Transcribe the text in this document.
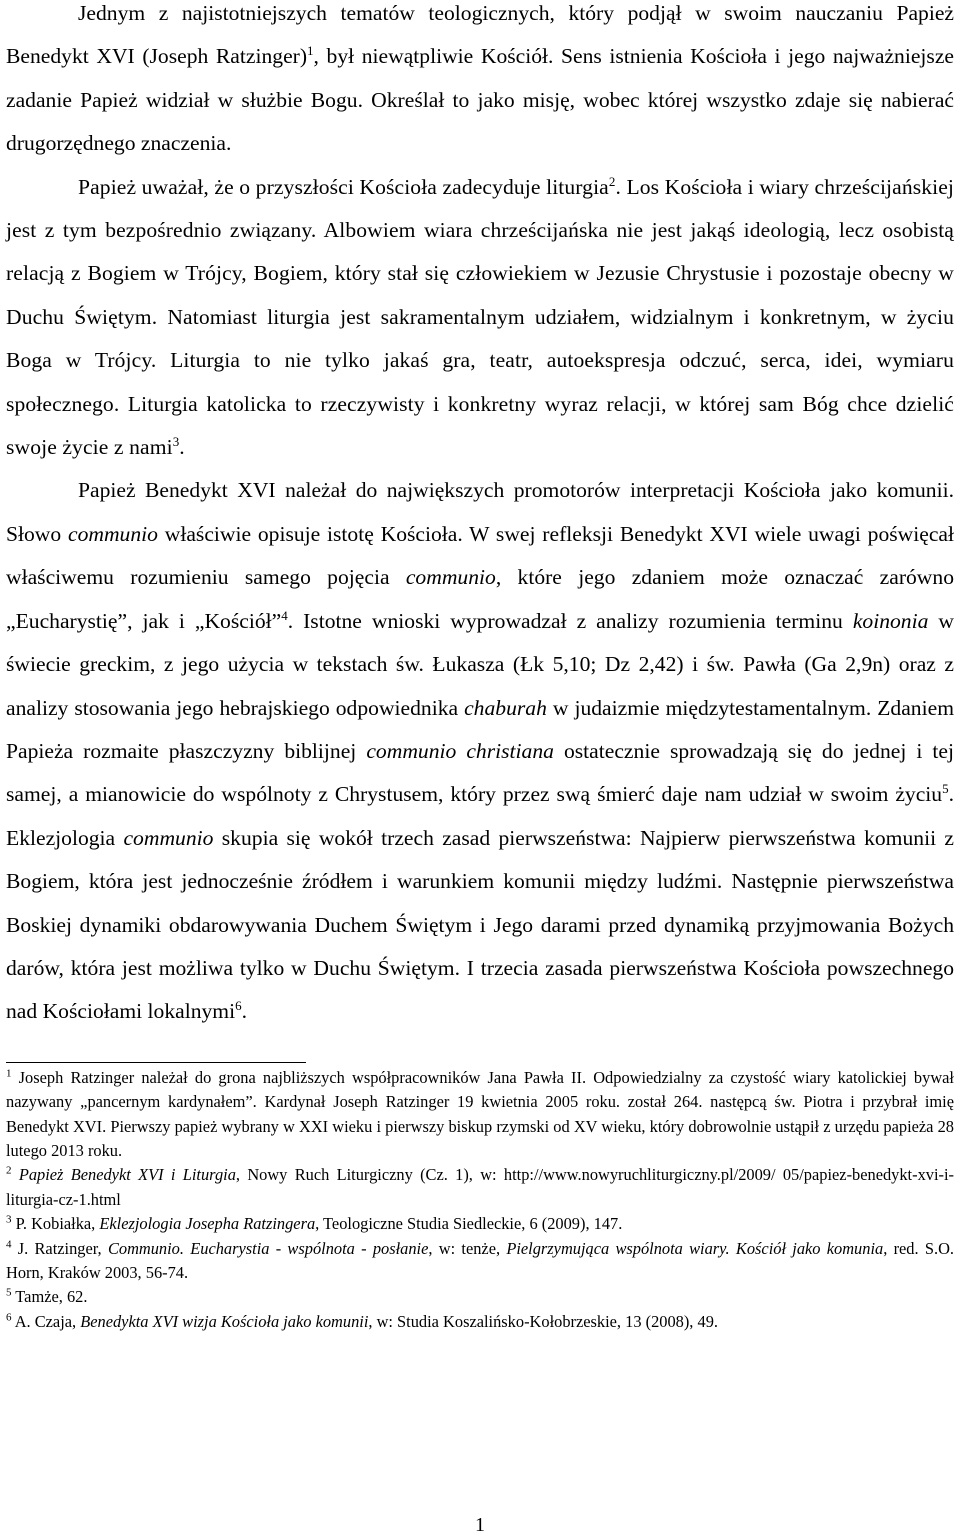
Jednym z najistotniejszych tematów teologicznych, który podjął w swoim nauczaniu Papież Benedykt XVI (Joseph Ratzinger)$^1$, był niewątpliwie Kościół. Sens istnienia Kościoła i jego najważniejsze zadanie Papież widział w służbie Bogu. Określał to jako misję, wobec której wszystko zdaje się nabierać drugorzędnego znaczenia.

Papież uważał, że o przyszłości Kościoła zadecyduje liturgia$^2$. Los Kościoła i wiary chrześcijańskiej jest z tym bezpośrednio związany. Albowiem wiara chrześcijańska nie jest jakąś ideologią, lecz osobistą relacją z Bogiem w Trójcy, Bogiem, który stał się człowiekiem w Jezusie Chrystusie i pozostaje obecny w Duchu Świętym. Natomiast liturgia jest sakramentalnym udziałem, widzialnym i konkretnym, w życiu Boga w Trójcy. Liturgia to nie tylko jakaś gra, teatr, autoekspresja odczuć, serca, idei, wymiaru społecznego. Liturgia katolicka to rzeczywisty i konkretny wyraz relacji, w której sam Bóg chce dzielić swoje życie z nami$^3$.

Papież Benedykt XVI należał do największych promotorów interpretacji Kościoła jako komunii. Słowo communio właściwie opisuje istotę Kościoła. W swej refleksji Benedykt XVI wiele uwagi poświęcał właściwemu rozumieniu samego pojęcia communio, które jego zdaniem może oznaczać zarówno „Eucharystię”, jak i „Kościół”$^4$. Istotne wnioski wyprowadzał z analizy rozumienia terminu koinonia w świecie greckim, z jego użycia w tekstach św. Łukasza (Łk 5,10; Dz 2,42) i św. Pawła (Ga 2,9n) oraz z analizy stosowania jego hebrajskiego odpowiednika chaburah w judaizmie międzytestamentalnym. Zdaniem Papieża rozmaite płaszczyzny biblijnej communio christiana ostatecznie sprowadzają się do jednej i tej samej, a mianowicie do wspólnoty z Chrystusem, który przez swą śmierć daje nam udział w swoim życiu$^5$. Eklezjologia communio skupia się wokół trzech zasad pierwszeństwa: Najpierw pierwszeństwa komunii z Bogiem, która jest jednocześnie źródłem i warunkiem komunii między ludźmi. Następnie pierwszeństwa Boskiej dynamiki obdarowywania Duchem Świętym i Jego darami przed dynamiką przyjmowania Bożych darów, która jest możliwa tylko w Duchu Świętym. I trzecia zasada pierwszeństwa Kościoła powszechnego nad Kościołami lokalnymi$^6$.

$^1$ Joseph Ratzinger należał do grona najbliższych współpracowników Jana Pawła II. Odpowiedzialny za czystość wiary katolickiej bywał nazywany „pancernym kardynałem”. Kardynał Joseph Ratzinger 19 kwietnia 2005 roku. został 264. następcą św. Piotra i przybrał imię Benedykt XVI. Pierwszy papież wybrany w XXI wieku i pierwszy biskup rzymski od XV wieku, który dobrowolnie ustąpił z urzędu papieża 28 lutego 2013 roku.

$^2$ Papież Benedykt XVI i Liturgia, Nowy Ruch Liturgiczny (Cz. 1), w: http://www.nowyruchliturgiczny.pl/2009/ 05/papiez-benedykt-xvi-i-liturgia-cz-1.html

$^3$ P. Kobiałka, Eklezjologia Josepha Ratzingera, Teologiczne Studia Siedleckie, 6 (2009), 147.

$^4$ J. Ratzinger, Communio. Eucharystia - wspólnota - posłanie, w: tenże, Pielgrzymująca wspólnota wiary. Kościół jako komunia, red. S.O. Horn, Kraków 2003, 56-74.

$^5$ Tamże, 62.

$^6$ A. Czaja, Benedykta XVI wizja Kościoła jako komunii, w: Studia Koszalińsko-Kołobrzeskie, 13 (2008), 49.

1
